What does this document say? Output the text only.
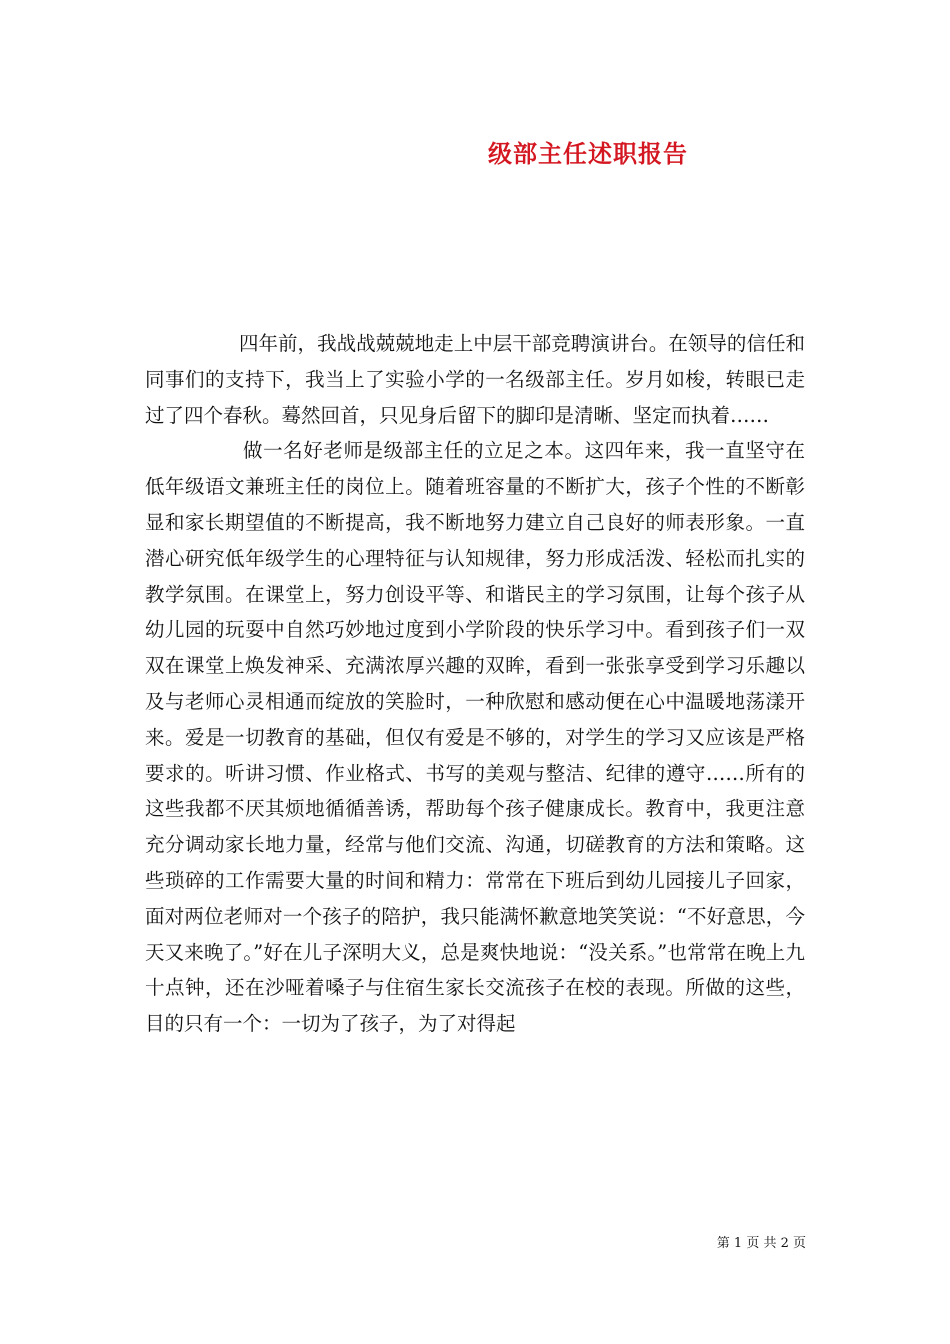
级部主任述职报告

四年前，我战战兢兢地走上中层干部竞聘演讲台。在领导的信任和同事们的支持下，我当上了实验小学的一名级部主任。岁月如梭，转眼已走过了四个春秋。蓦然回首，只见身后留下的脚印是清晰、坚定而执着……

做一名好老师是级部主任的立足之本。这四年来，我一直坚守在低年级语文兼班主任的岗位上。随着班容量的不断扩大，孩子个性的不断彰显和家长期望值的不断提高，我不断地努力建立自己良好的师表形象。一直潜心研究低年级学生的心理特征与认知规律，努力形成活泼、轻松而扎实的教学氛围。在课堂上，努力创设平等、和谐民主的学习氛围，让每个孩子从幼儿园的玩耍中自然巧妙地过度到小学阶段的快乐学习中。看到孩子们一双双在课堂上焕发神采、充满浓厚兴趣的双眸，看到一张张享受到学习乐趣以及与老师心灵相通而绽放的笑脸时，一种欣慰和感动便在心中温暖地荡漾开来。爱是一切教育的基础，但仅有爱是不够的，对学生的学习又应该是严格要求的。听讲习惯、作业格式、书写的美观与整洁、纪律的遵守……所有的这些我都不厌其烦地循循善诱，帮助每个孩子健康成长。教育中，我更注意充分调动家长地力量，经常与他们交流、沟通，切磋教育的方法和策略。这些琐碎的工作需要大量的时间和精力：常常在下班后到幼儿园接儿子回家，面对两位老师对一个孩子的陪护，我只能满怀歉意地笑笑说：“不好意思，今天又来晚了。”好在儿子深明大义，总是爽快地说：“没关系。”也常常在晚上九十点钟，还在沙哑着嗓子与住宿生家长交流孩子在校的表现。所做的这些，目的只有一个：一切为了孩子，为了对得起

第 1 页 共 2 页
